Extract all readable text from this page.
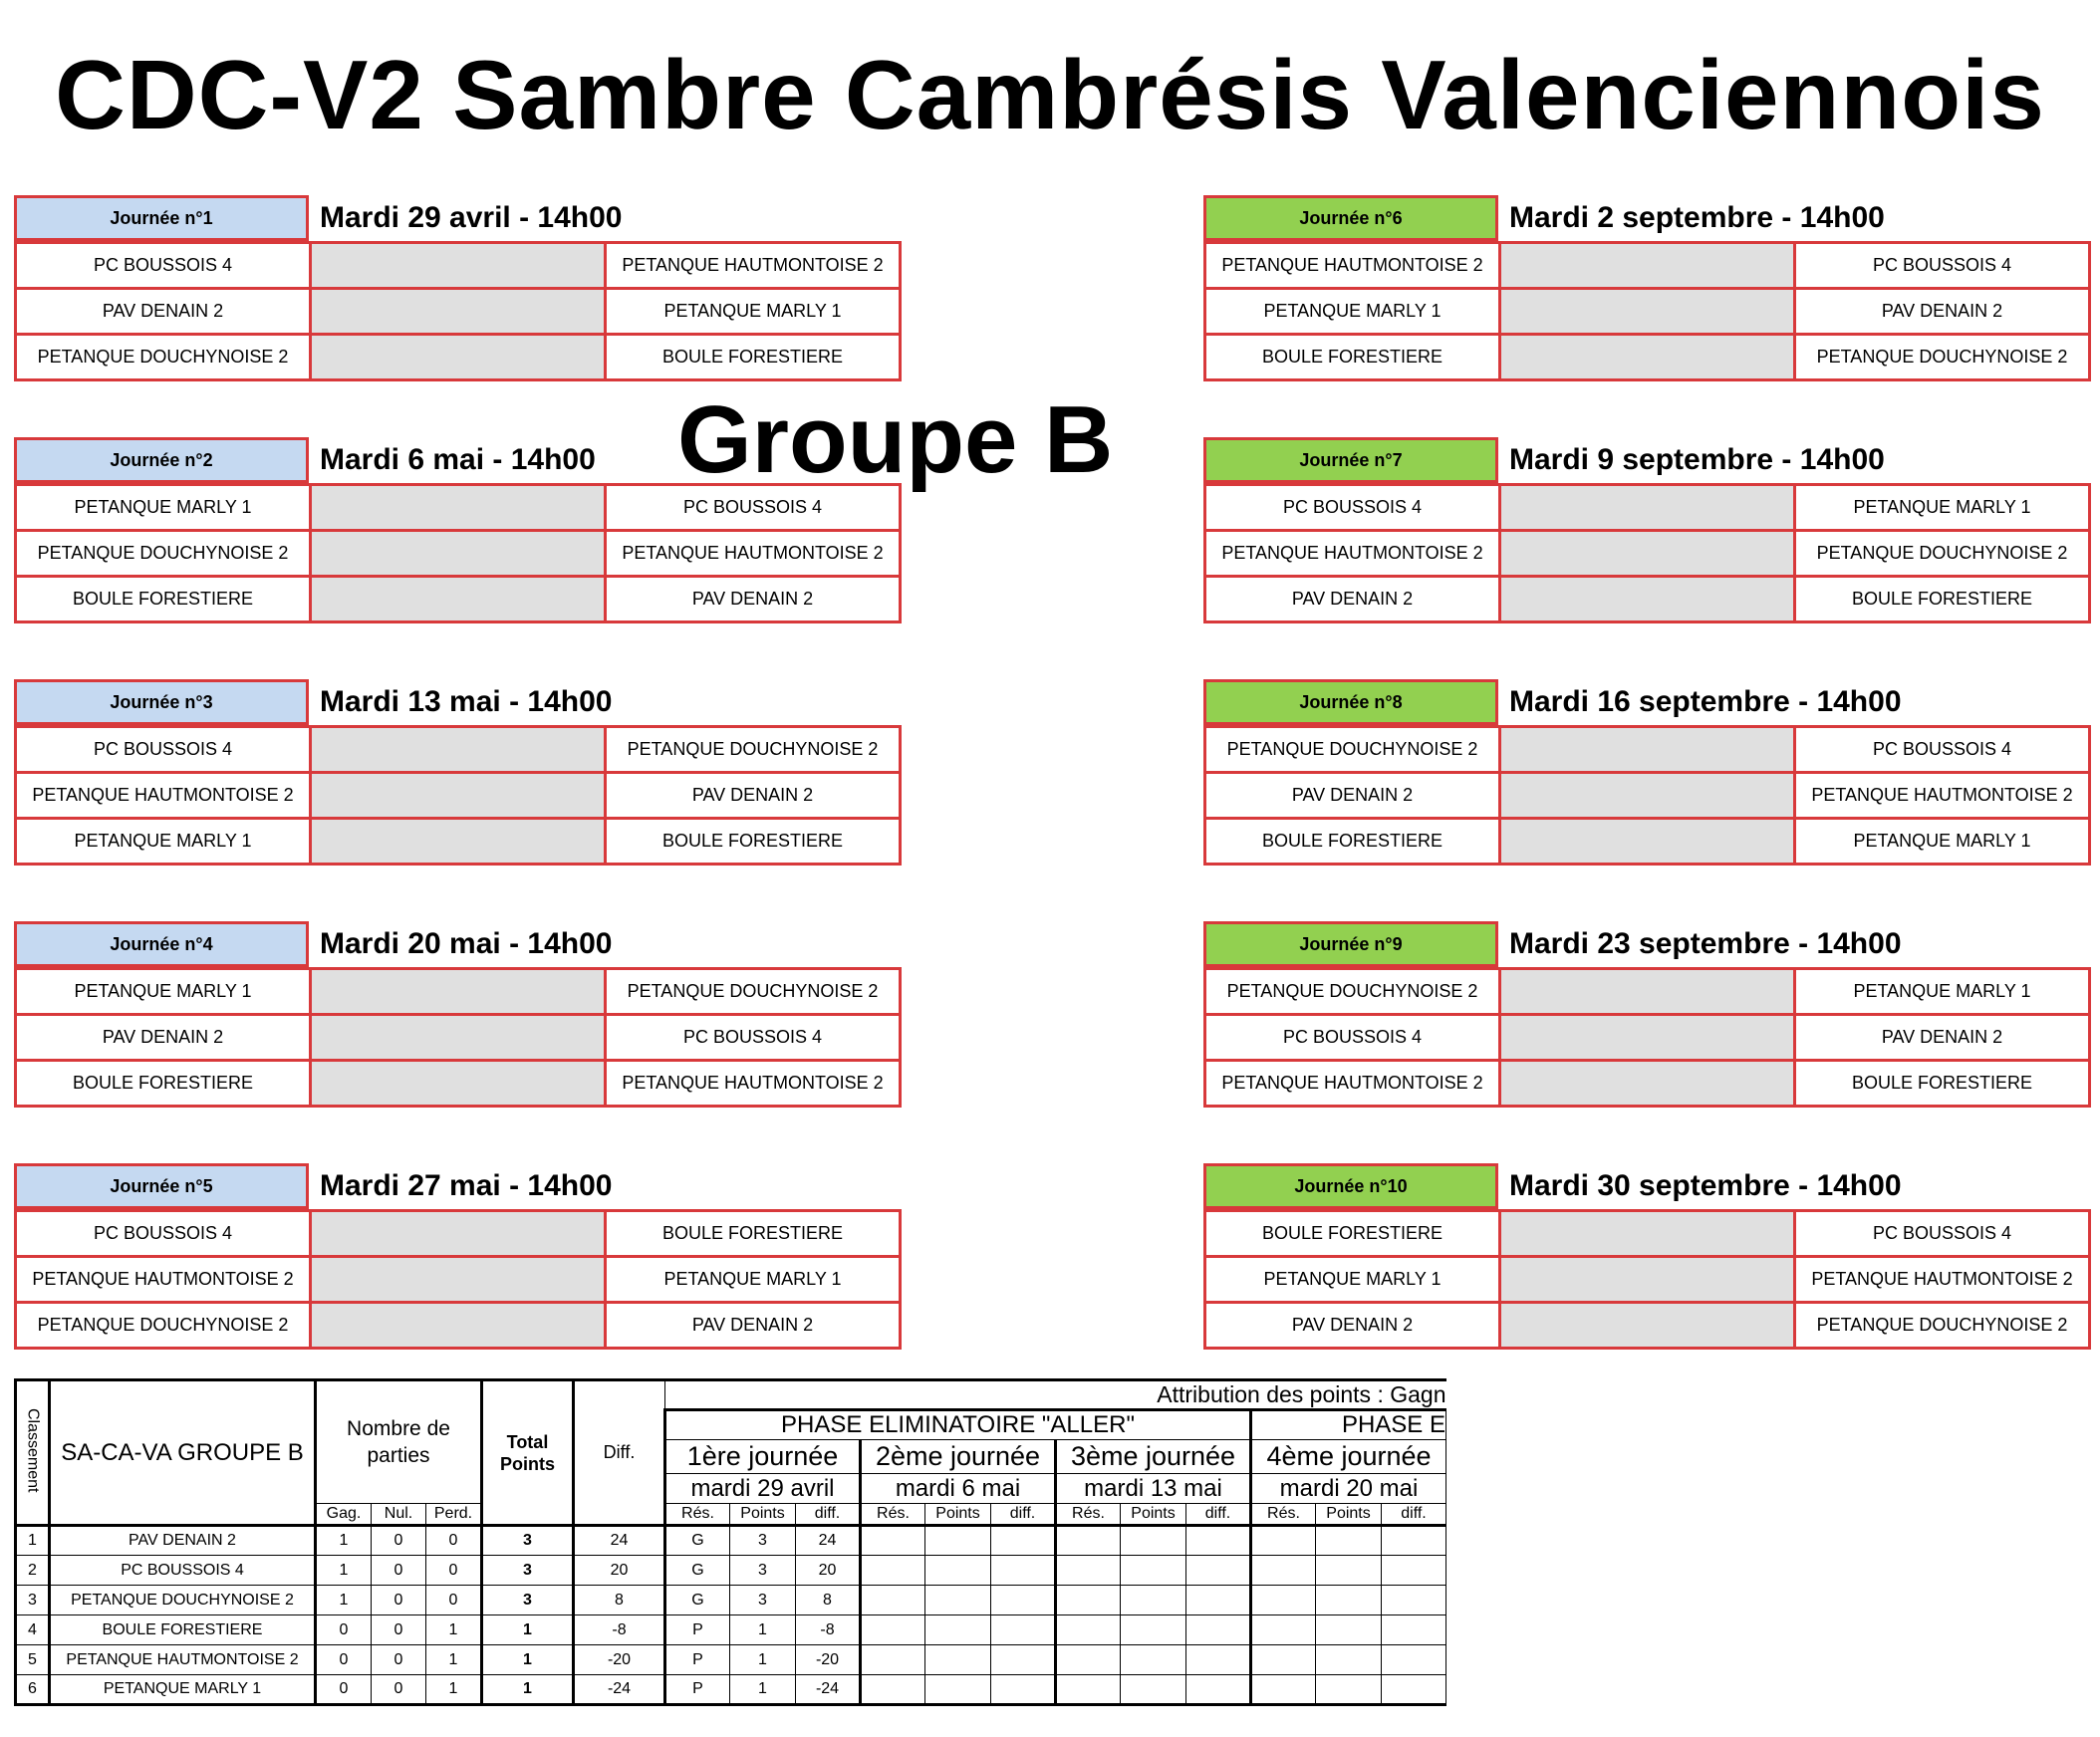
CDC-V2 Sambre Cambrésis Valenciennois
Groupe B
Journée n°1	Mardi 29 avril - 14h00
PC BOUSSOIS 4		PETANQUE HAUTMONTOISE 2
PAV DENAIN 2		PETANQUE MARLY 1
PETANQUE DOUCHYNOISE 2		BOULE FORESTIERE
Journée n°2	Mardi 6 mai - 14h00
PETANQUE MARLY 1		PC BOUSSOIS 4
PETANQUE DOUCHYNOISE 2		PETANQUE HAUTMONTOISE 2
BOULE FORESTIERE		PAV DENAIN 2
Journée n°3	Mardi 13 mai - 14h00
PC BOUSSOIS 4		PETANQUE DOUCHYNOISE 2
PETANQUE HAUTMONTOISE 2		PAV DENAIN 2
PETANQUE MARLY 1		BOULE FORESTIERE
Journée n°4	Mardi 20 mai - 14h00
PETANQUE MARLY 1		PETANQUE DOUCHYNOISE 2
PAV DENAIN 2		PC BOUSSOIS 4
BOULE FORESTIERE		PETANQUE HAUTMONTOISE 2
Journée n°5	Mardi 27 mai - 14h00
PC BOUSSOIS 4		BOULE FORESTIERE
PETANQUE HAUTMONTOISE 2		PETANQUE MARLY 1
PETANQUE DOUCHYNOISE 2		PAV DENAIN 2
Journée n°6	Mardi 2 septembre - 14h00
PETANQUE HAUTMONTOISE 2		PC BOUSSOIS 4
PETANQUE MARLY 1		PAV DENAIN 2
BOULE FORESTIERE		PETANQUE DOUCHYNOISE 2
Journée n°7	Mardi 9 septembre - 14h00
PC BOUSSOIS 4		PETANQUE MARLY 1
PETANQUE HAUTMONTOISE 2		PETANQUE DOUCHYNOISE 2
PAV DENAIN 2		BOULE FORESTIERE
Journée n°8	Mardi 16 septembre - 14h00
PETANQUE DOUCHYNOISE 2		PC BOUSSOIS 4
PAV DENAIN 2		PETANQUE HAUTMONTOISE 2
BOULE FORESTIERE		PETANQUE MARLY 1
Journée n°9	Mardi 23 septembre - 14h00
PETANQUE DOUCHYNOISE 2		PETANQUE MARLY 1
PC BOUSSOIS 4		PAV DENAIN 2
PETANQUE HAUTMONTOISE 2		BOULE FORESTIERE
Journée n°10	Mardi 30 septembre - 14h00
BOULE FORESTIERE		PC BOUSSOIS 4
PETANQUE MARLY 1		PETANQUE HAUTMONTOISE 2
PAV DENAIN 2		PETANQUE DOUCHYNOISE 2
Classement	SA-CA-VA GROUPE B	Nombre de parties			Total Points	Diff.	Attribution des points : Gagn											
							PHASE ELIMINATOIRE "ALLER"									PHASE E		
							1ère journée			2ème journée			3ème journée			4ème journée		
							mardi 29 avril			mardi 6 mai			mardi 13 mai			mardi 20 mai		
		Gag.	Nul.	Perd.			Rés.	Points	diff.	Rés.	Points	diff.	Rés.	Points	diff.	Rés.	Points	diff.
1	PAV DENAIN 2	1	0	0	3	24	G	3	24									
2	PC BOUSSOIS 4	1	0	0	3	20	G	3	20									
3	PETANQUE DOUCHYNOISE 2	1	0	0	3	8	G	3	8									
4	BOULE FORESTIERE	0	0	1	1	-8	P	1	-8									
5	PETANQUE HAUTMONTOISE 2	0	0	1	1	-20	P	1	-20									
6	PETANQUE MARLY 1	0	0	1	1	-24	P	1	-24									
